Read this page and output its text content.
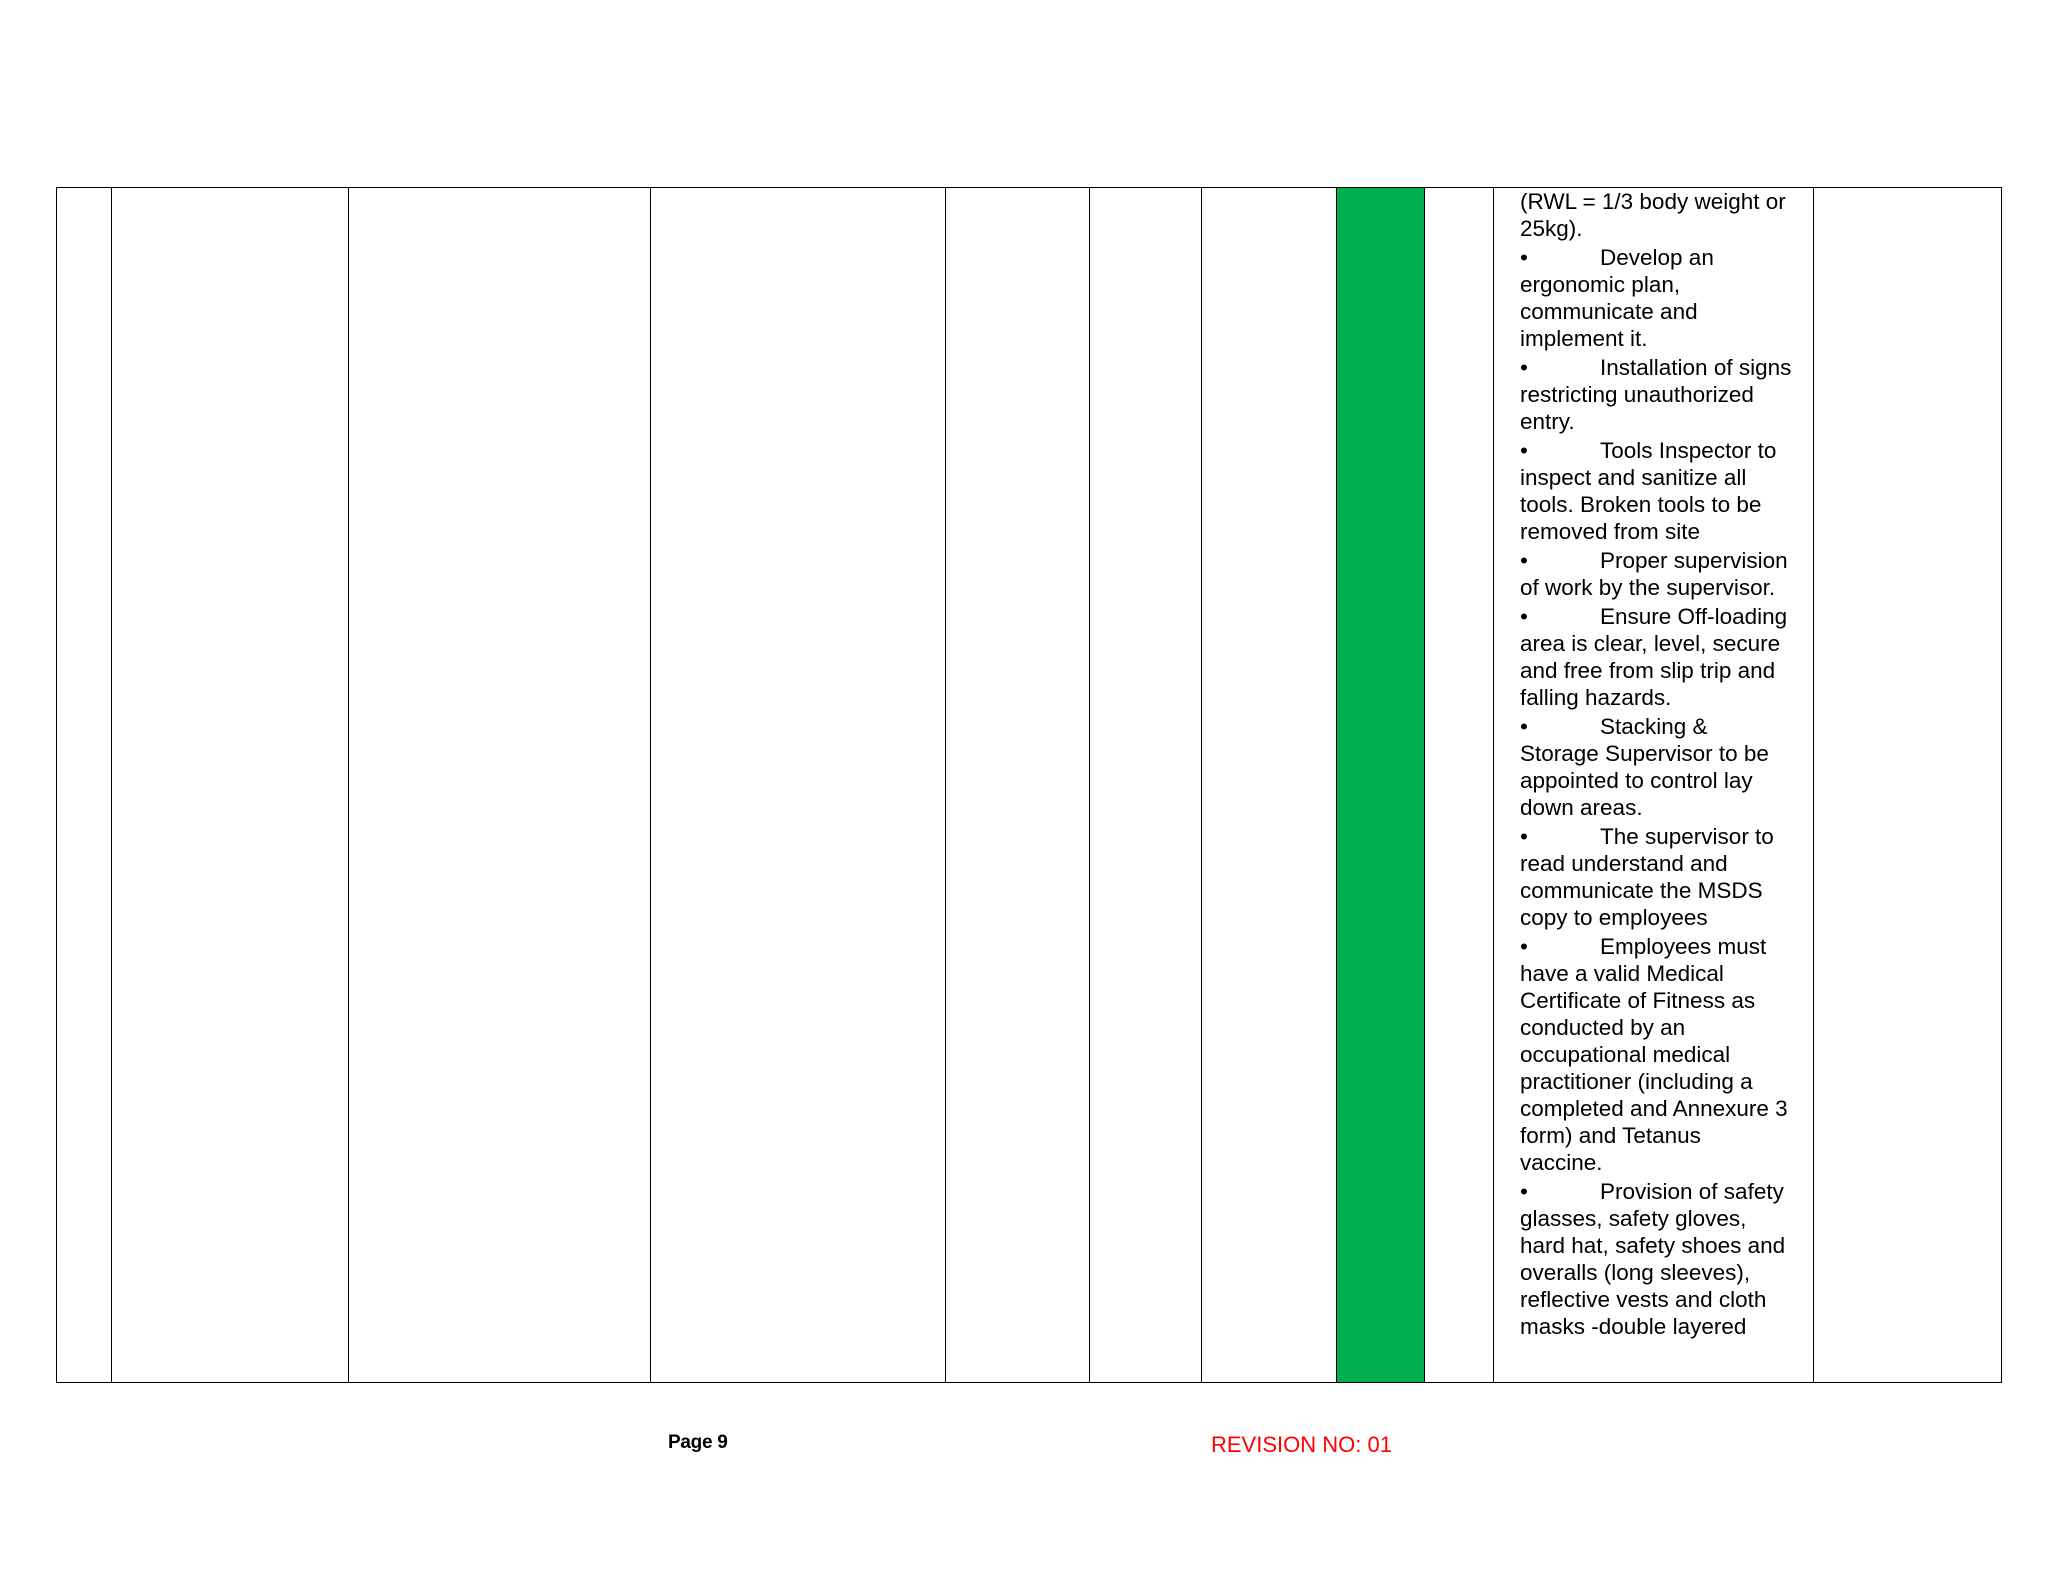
(RWL = 1/3 body weight or
25kg).
•	Develop an
ergonomic plan,
communicate and
implement it.
•	Installation of signs
restricting unauthorized
entry.
•	Tools Inspector to
inspect and sanitize all
tools. Broken tools to be
removed from site
•	Proper supervision
of work by the supervisor.
•	Ensure Off-loading
area is clear, level, secure
and free from slip trip and
falling hazards.
•	Stacking &
Storage Supervisor to be
appointed to control lay
down areas.
•	The supervisor to
read understand and
communicate the MSDS
copy to employees
•	Employees must
have a valid Medical
Certificate of Fitness as
conducted by an
occupational medical
practitioner (including a
completed and Annexure 3
form) and Tetanus
vaccine.
•	Provision of safety
glasses, safety gloves,
hard hat, safety shoes and
overalls (long sleeves),
reflective vests and cloth
masks -double layered

Page 9	REVISION NO: 01
